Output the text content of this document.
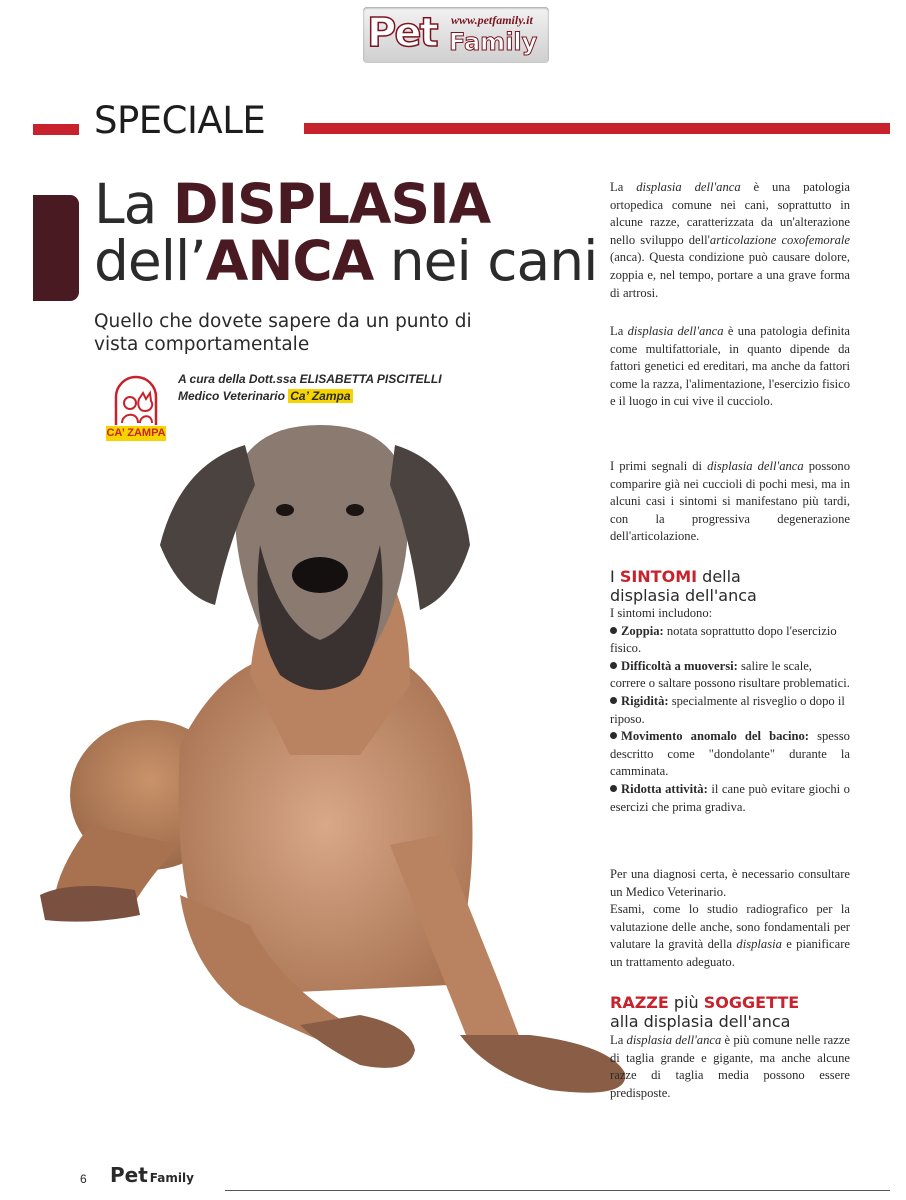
Pet www.petfamily.it
Family
SPECIALE
La DISPLASIA
dell’ANCA nei cani
Quello che dovete sapere da un punto di vista comportamentale
CA’ ZAMPA
A cura della Dott.ssa ELISABETTA PISCITELLI
Medico Veterinario Ca’ Zampa
La displasia dell'anca è una patologia ortopedica comune nei cani, soprattutto in alcune razze, caratterizzata da un'alterazione nello sviluppo dell'articolazione coxofemorale (anca). Questa condizione può causare dolore, zoppia e, nel tempo, portare a una grave forma di artrosi.
La displasia dell'anca è una patologia definita come multifattoriale, in quanto dipende da fattori genetici ed ereditari, ma anche da fattori come la razza, l'alimentazione, l'esercizio fisico e il luogo in cui vive il cucciolo.
I primi segnali di displasia dell'anca possono comparire già nei cuccioli di pochi mesi, ma in alcuni casi i sintomi si manifestano più tardi, con la progressiva degenerazione dell'articolazione.
I SINTOMI della
displasia dell'anca

I sintomi includono:

Zoppia: notata soprattutto dopo l'esercizio fisico.

Difficoltà a muoversi: salire le scale, correre o saltare possono risultare problematici.

Rigidità: specialmente al risveglio o dopo il riposo.

Movimento anomalo del bacino: spesso descritto come "dondolante" durante la camminata.

Ridotta attività: il cane può evitare giochi o esercizi che prima gradiva.

Per una diagnosi certa, è necessario consultare un Medico Veterinario.

Esami, come lo studio radiografico per la valutazione delle anche, sono fondamentali per valutare la gravità della displasia e pianificare un trattamento adeguato.

RAZZE più SOGGETTE
alla displasia dell'anca
La displasia dell'anca è più comune nelle razze di taglia grande e gigante, ma anche alcune razze di taglia media possono essere predisposte.
6 Pet Family
